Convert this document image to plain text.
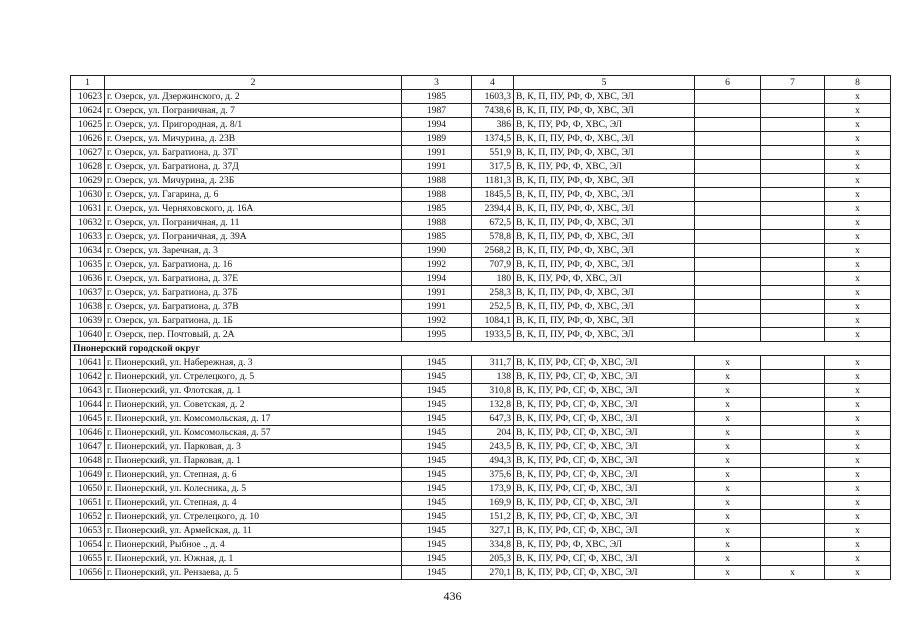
1	2	3	4	5	6	7	8
10623	г. Озерск, ул. Дзержинского, д. 2	1985	1603,3	В, К, П, ПУ, РФ, Ф, ХВС, ЭЛ			х
10624	г. Озерск, ул. Пограничная, д. 7	1987	7438,6	В, К, П, ПУ, РФ, Ф, ХВС, ЭЛ			х
10625	г. Озерск, ул. Пригородная, д. 8/1	1994	386	В, К, ПУ, РФ, Ф, ХВС, ЭЛ			х
10626	г. Озерск, ул. Мичурина, д. 23В	1989	1374,5	В, К, П, ПУ, РФ, Ф, ХВС, ЭЛ			х
10627	г. Озерск, ул. Багратиона, д. 37Г	1991	551,9	В, К, П, ПУ, РФ, Ф, ХВС, ЭЛ			х
10628	г. Озерск, ул. Багратиона, д. 37Д	1991	317,5	В, К, ПУ, РФ, Ф, ХВС, ЭЛ			х
10629	г. Озерск, ул. Мичурина, д. 23Б	1988	1181,3	В, К, П, ПУ, РФ, Ф, ХВС, ЭЛ			х
10630	г. Озерск, ул. Гагарина, д. 6	1988	1845,5	В, К, П, ПУ, РФ, Ф, ХВС, ЭЛ			х
10631	г. Озерск, ул. Черняховского, д. 16А	1985	2394,4	В, К, П, ПУ, РФ, Ф, ХВС, ЭЛ			х
10632	г. Озерск, ул. Пограничная, д. 11	1988	672,5	В, К, П, ПУ, РФ, Ф, ХВС, ЭЛ			х
10633	г. Озерск, ул. Пограничная, д. 39А	1985	578,8	В, К, П, ПУ, РФ, Ф, ХВС, ЭЛ			х
10634	г. Озерск, ул. Заречная, д. 3	1990	2568,2	В, К, П, ПУ, РФ, Ф, ХВС, ЭЛ			х
10635	г. Озерск, ул. Багратиона, д. 16	1992	707,9	В, К, П, ПУ, РФ, Ф, ХВС, ЭЛ			х
10636	г. Озерск, ул. Багратиона, д. 37Е	1994	180	В, К, ПУ, РФ, Ф, ХВС, ЭЛ			х
10637	г. Озерск, ул. Багратиона, д. 37Б	1991	258,3	В, К, П, ПУ, РФ, Ф, ХВС, ЭЛ			х
10638	г. Озерск, ул. Багратиона, д. 37В	1991	252,5	В, К, П, ПУ, РФ, Ф, ХВС, ЭЛ			х
10639	г. Озерск, ул. Багратиона, д. 1Б	1992	1084,1	В, К, П, ПУ, РФ, Ф, ХВС, ЭЛ			х
10640	г. Озерск, пер. Почтовый, д. 2А	1995	1933,5	В, К, П, ПУ, РФ, Ф, ХВС, ЭЛ			х
Пионерский городской округ							
10641	г. Пионерский, ул. Набережная, д. 3	1945	311,7	В, К, ПУ, РФ, СГ, Ф, ХВС, ЭЛ	х		х
10642	г. Пионерский, ул. Стрелецкого, д. 5	1945	138	В, К, ПУ, РФ, СГ, Ф, ХВС, ЭЛ	х		х
10643	г. Пионерский, ул. Флотская, д. 1	1945	310,8	В, К, ПУ, РФ, СГ, Ф, ХВС, ЭЛ	х		х
10644	г. Пионерский, ул. Советская, д. 2	1945	132,8	В, К, ПУ, РФ, СГ, Ф, ХВС, ЭЛ	х		х
10645	г. Пионерский, ул. Комсомольская, д. 17	1945	647,3	В, К, ПУ, РФ, СГ, Ф, ХВС, ЭЛ	х		х
10646	г. Пионерский, ул. Комсомольская, д. 57	1945	204	В, К, ПУ, РФ, СГ, Ф, ХВС, ЭЛ	х		х
10647	г. Пионерский, ул. Парковая, д. 3	1945	243,5	В, К, ПУ, РФ, СГ, Ф, ХВС, ЭЛ	х		х
10648	г. Пионерский, ул. Парковая, д. 1	1945	494,3	В, К, ПУ, РФ, СГ, Ф, ХВС, ЭЛ	х		х
10649	г. Пионерский, ул. Степная, д. 6	1945	375,6	В, К, ПУ, РФ, СГ, Ф, ХВС, ЭЛ	х		х
10650	г. Пионерский, ул. Колесника, д. 5	1945	173,9	В, К, ПУ, РФ, СГ, Ф, ХВС, ЭЛ	х		х
10651	г. Пионерский, ул. Степная, д. 4	1945	169,9	В, К, ПУ, РФ, СГ, Ф, ХВС, ЭЛ	х		х
10652	г. Пионерский, ул. Стрелецкого, д. 10	1945	151,2	В, К, ПУ, РФ, СГ, Ф, ХВС, ЭЛ	х		х
10653	г. Пионерский, ул. Армейская, д. 11	1945	327,1	В, К, ПУ, РФ, СГ, Ф, ХВС, ЭЛ	х		х
10654	г. Пионерский, Рыбное ., д. 4	1945	334,8	В, К, ПУ, РФ, Ф, ХВС, ЭЛ	х		х
10655	г. Пионерский, ул. Южная, д. 1	1945	205,3	В, К, ПУ, РФ, СГ, Ф, ХВС, ЭЛ	х		х
10656	г. Пионерский, ул. Рензаева, д. 5	1945	270,1	В, К, ПУ, РФ, СГ, Ф, ХВС, ЭЛ	х	х	х
436
